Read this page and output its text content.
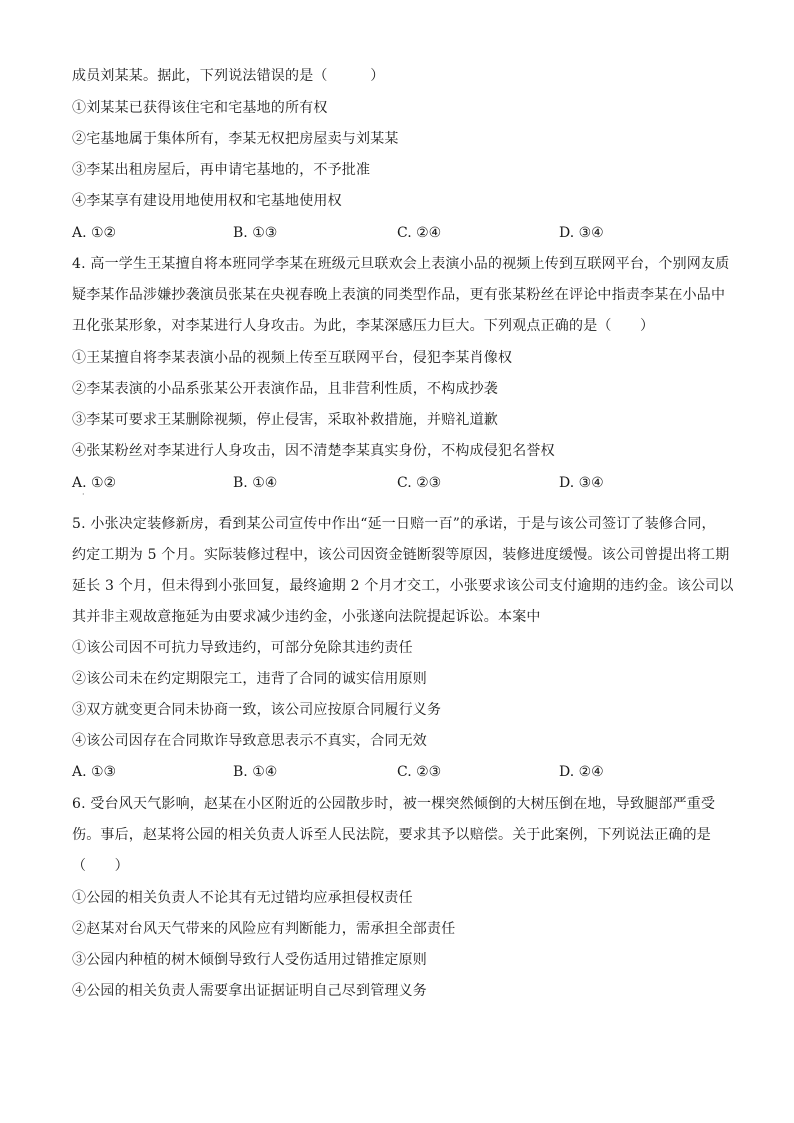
成员刘某某。据此，下列说法错误的是（　　　）
①刘某某已获得该住宅和宅基地的所有权
②宅基地属于集体所有，李某无权把房屋卖与刘某某
③李某出租房屋后，再申请宅基地的，不予批准
④李某享有建设用地使用权和宅基地使用权
A. ①②	B. ①③	C. ②④	D. ③④
4. 高一学生王某擅自将本班同学李某在班级元旦联欢会上表演小品的视频上传到互联网平台，个别网友质
疑李某作品涉嫌抄袭演员张某在央视春晚上表演的同类型作品，更有张某粉丝在评论中指责李某在小品中
丑化张某形象，对李某进行人身攻击。为此，李某深感压力巨大。下列观点正确的是（　　）
①王某擅自将李某表演小品的视频上传至互联网平台，侵犯李某肖像权
②李某表演的小品系张某公开表演作品，且非营利性质，不构成抄袭
③李某可要求王某删除视频，停止侵害，采取补救措施，并赔礼道歉
④张某粉丝对李某进行人身攻击，因不清楚李某真实身份，不构成侵犯名誉权
A. ①②	B. ①④	C. ②③	D. ③④
·
5. 小张决定装修新房，看到某公司宣传中作出“延一日赔一百”的承诺，于是与该公司签订了装修合同，
约定工期为 5 个月。实际装修过程中，该公司因资金链断裂等原因，装修进度缓慢。该公司曾提出将工期
延长 3 个月，但未得到小张回复，最终逾期 2 个月才交工，小张要求该公司支付逾期的违约金。该公司以
其并非主观故意拖延为由要求减少违约金，小张遂向法院提起诉讼。本案中
①该公司因不可抗力导致违约，可部分免除其违约责任
②该公司未在约定期限完工，违背了合同的诚实信用原则
③双方就变更合同未协商一致，该公司应按原合同履行义务
④该公司因存在合同欺诈导致意思表示不真实，合同无效
A. ①③	B. ①④	C. ②③	D. ②④
6. 受台风天气影响，赵某在小区附近的公园散步时，被一棵突然倾倒的大树压倒在地，导致腿部严重受
伤。事后，赵某将公园的相关负责人诉至人民法院，要求其予以赔偿。关于此案例，下列说法正确的是
（　　）
①公园的相关负责人不论其有无过错均应承担侵权责任
②赵某对台风天气带来的风险应有判断能力，需承担全部责任
③公园内种植的树木倾倒导致行人受伤适用过错推定原则
④公园的相关负责人需要拿出证据证明自己尽到管理义务
